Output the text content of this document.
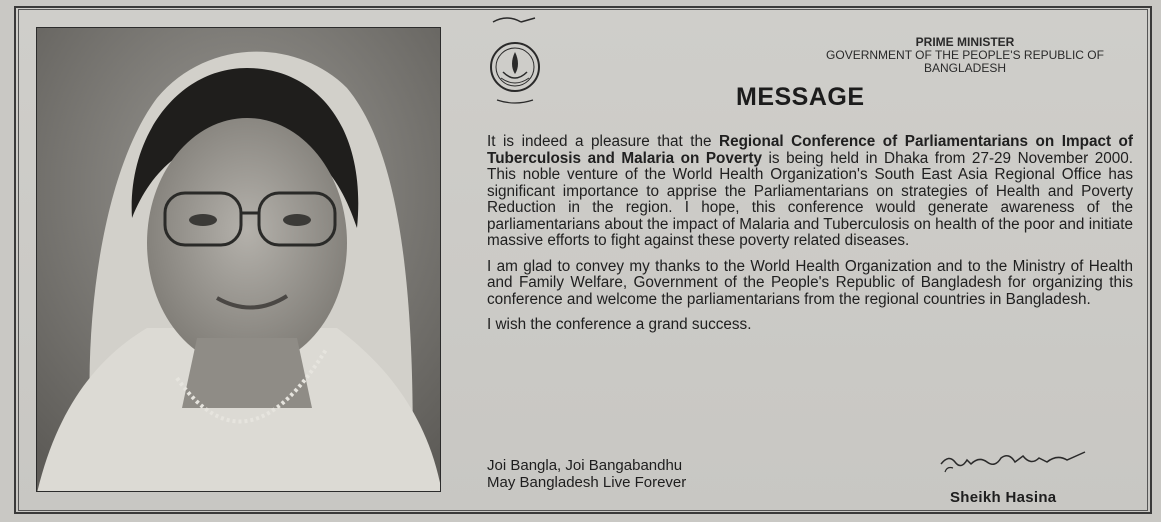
PRIME MINISTER
GOVERNMENT OF THE PEOPLE'S REPUBLIC OF
BANGLADESH
MESSAGE

It is indeed a pleasure that the Regional Conference of Parliamentarians on Impact of Tuberculosis and Malaria on Poverty is being held in Dhaka from 27-29 November 2000. This noble venture of the World Health Organization's South East Asia Regional Office has significant importance to apprise the Parliamentarians on strategies of Health and Poverty Reduction in the region. I hope, this conference would generate awareness of the parliamentarians about the impact of Malaria and Tuberculosis on health of the poor and initiate massive efforts to fight against these poverty related diseases.

I am glad to convey my thanks to the World Health Organization and to the Ministry of Health and Family Welfare, Government of the People's Republic of Bangladesh for organizing this conference and welcome the parliamentarians from the regional countries in Bangladesh.

I wish the conference a grand success.

Joi Bangla, Joi Bangabandhu
May Bangladesh Live Forever
Sheikh Hasina
